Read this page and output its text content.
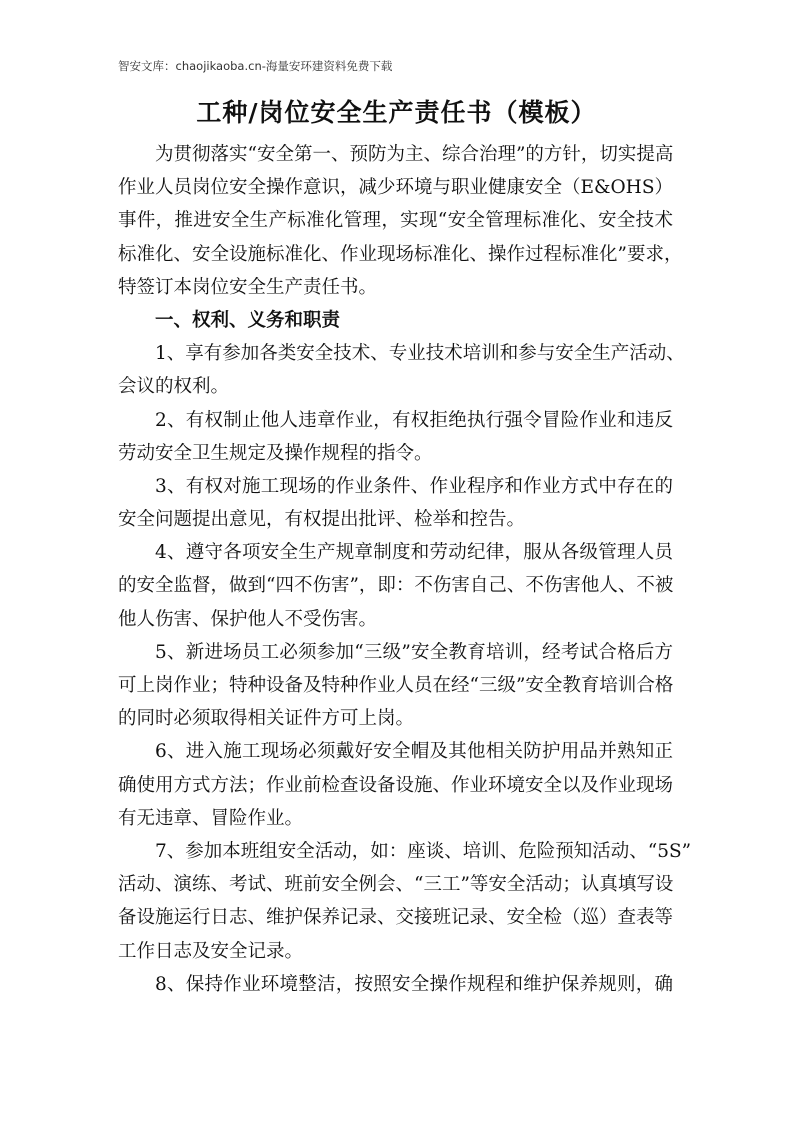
智安文库：chaojikaoba.cn-海量安环建资料免费下载
工种/岗位安全生产责任书（模板）
为贯彻落实“安全第一、预防为主、综合治理”的方针，切实提高
作业人员岗位安全操作意识，减少环境与职业健康安全（E&OHS）
事件，推进安全生产标准化管理，实现“安全管理标准化、安全技术
标准化、安全设施标准化、作业现场标准化、操作过程标准化”要求，
特签订本岗位安全生产责任书。
一、权利、义务和职责
1、享有参加各类安全技术、专业技术培训和参与安全生产活动、
会议的权利。
2、有权制止他人违章作业，有权拒绝执行强令冒险作业和违反
劳动安全卫生规定及操作规程的指令。
3、有权对施工现场的作业条件、作业程序和作业方式中存在的
安全问题提出意见，有权提出批评、检举和控告。
4、遵守各项安全生产规章制度和劳动纪律，服从各级管理人员
的安全监督，做到“四不伤害”，即：不伤害自己、不伤害他人、不被
他人伤害、保护他人不受伤害。
5、新进场员工必须参加“三级”安全教育培训，经考试合格后方
可上岗作业；特种设备及特种作业人员在经“三级”安全教育培训合格
的同时必须取得相关证件方可上岗。
6、进入施工现场必须戴好安全帽及其他相关防护用品并熟知正
确使用方式方法；作业前检查设备设施、作业环境安全以及作业现场
有无违章、冒险作业。
7、参加本班组安全活动，如：座谈、培训、危险预知活动、“5S”
活动、演练、考试、班前安全例会、“三工”等安全活动；认真填写设
备设施运行日志、维护保养记录、交接班记录、安全检（巡）查表等
工作日志及安全记录。
8、保持作业环境整洁，按照安全操作规程和维护保养规则，确
